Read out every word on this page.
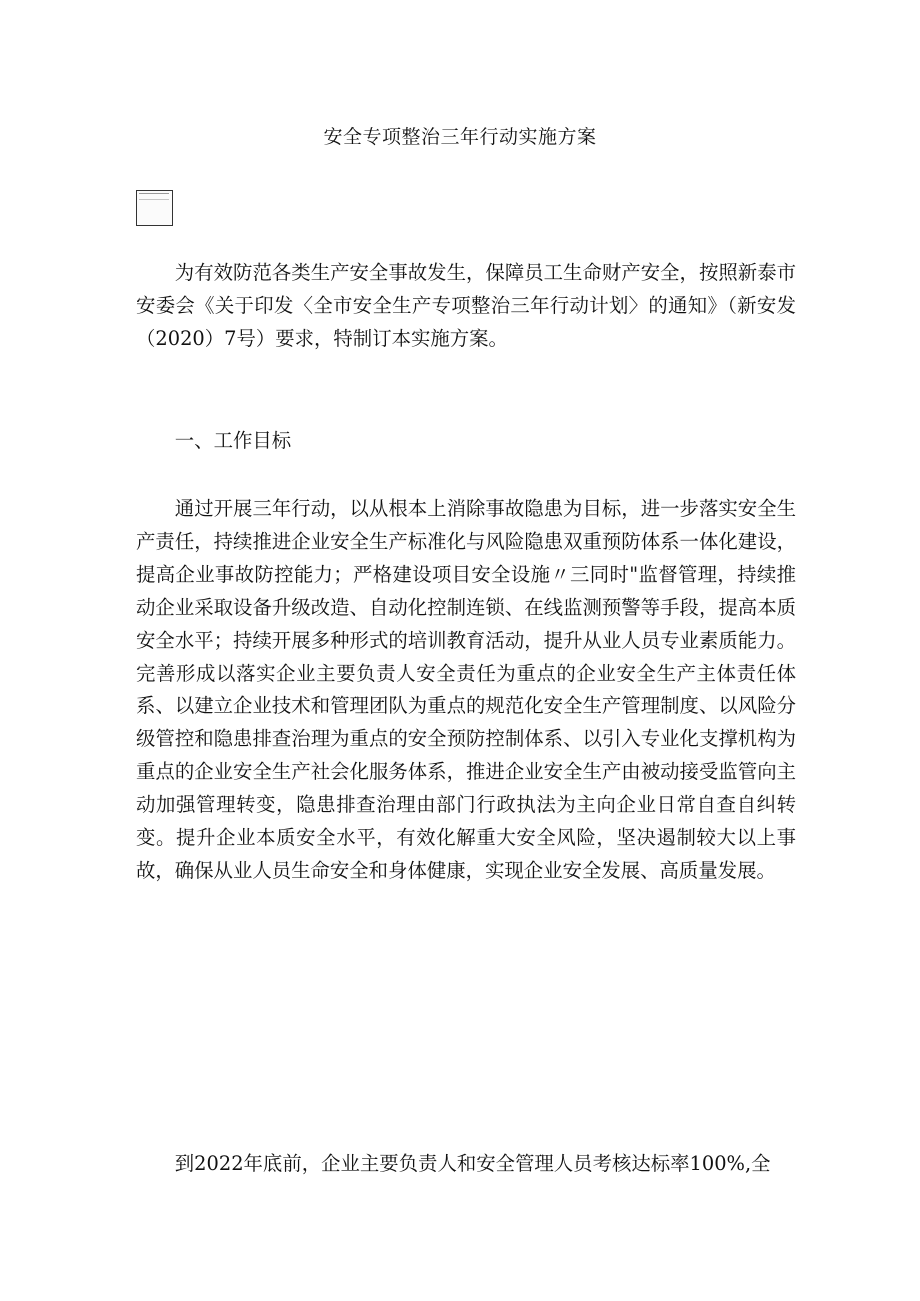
安全专项整治三年行动实施方案

为有效防范各类生产安全事故发生，保障员工生命财产安全，按照新泰市安委会《关于印发〈全市安全生产专项整治三年行动计划〉的通知》（新安发（2020）7号）要求，特制订本实施方案。

一、工作目标

通过开展三年行动，以从根本上消除事故隐患为目标，进一步落实安全生产责任，持续推进企业安全生产标准化与风险隐患双重预防体系一体化建设，提高企业事故防控能力；严格建设项目安全设施〃三同时"监督管理，持续推动企业采取设备升级改造、自动化控制连锁、在线监测预警等手段，提高本质安全水平；持续开展多种形式的培训教育活动，提升从业人员专业素质能力。完善形成以落实企业主要负责人安全责任为重点的企业安全生产主体责任体系、以建立企业技术和管理团队为重点的规范化安全生产管理制度、以风险分级管控和隐患排查治理为重点的安全预防控制体系、以引入专业化支撑机构为重点的企业安全生产社会化服务体系，推进企业安全生产由被动接受监管向主动加强管理转变，隐患排查治理由部门行政执法为主向企业日常自查自纠转变。提升企业本质安全水平，有效化解重大安全风险，坚决遏制较大以上事故，确保从业人员生命安全和身体健康，实现企业安全发展、高质量发展。

到2022年底前，企业主要负责人和安全管理人员考核达标率100%,全
